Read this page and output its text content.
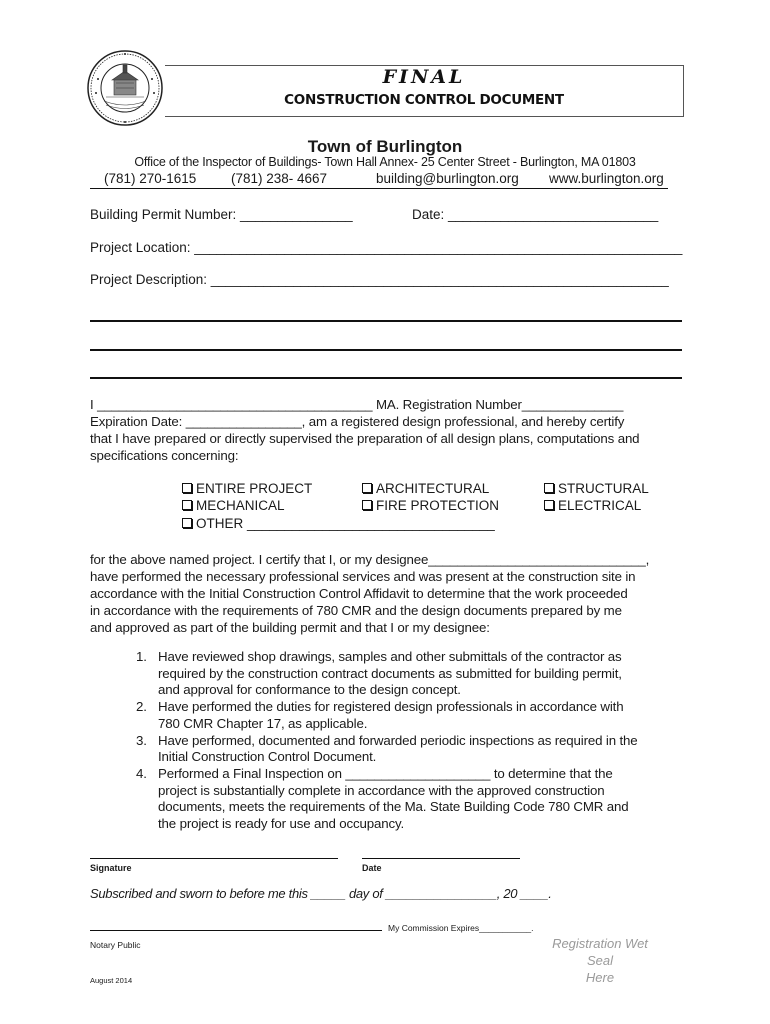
FINAL
CONSTRUCTION CONTROL DOCUMENT
Town of Burlington
Office of the Inspector of Buildings- Town Hall Annex- 25 Center Street - Burlington, MA 01803
(781) 270-1615	(781) 238- 4667	building@burlington.org www.burlington.org
Building Permit Number: _______________	Date: ____________________________
Project Location: _________________________________________________________________
Project Description: _____________________________________________________________
I ______________________________________ MA. Registration Number______________
Expiration Date: ________________, am a registered design professional, and hereby certify
that I have prepared or directly supervised the preparation of all design plans, computations and
specifications concerning:
ENTIRE PROJECT	ARCHITECTURAL	STRUCTURAL
MECHANICAL	FIRE PROTECTION	ELECTRICAL
OTHER _________________________________
for the above named project. I certify that I, or my designee______________________________,
have performed the necessary professional services and was present at the construction site in
accordance with the Initial Construction Control Affidavit to determine that the work proceeded
in accordance with the requirements of 780 CMR and the design documents prepared by me
and approved as part of the building permit and that I or my designee:
1. Have reviewed shop drawings, samples and other submittals of the contractor as
required by the construction contract documents as submitted for building permit,
and approval for conformance to the design concept.
2. Have performed the duties for registered design professionals in accordance with
780 CMR Chapter 17, as applicable.
3. Have performed, documented and forwarded periodic inspections as required in the
Initial Construction Control Document.
4. Performed a Final Inspection on ____________________ to determine that the
project is substantially complete in accordance with the approved construction
documents, meets the requirements of the Ma. State Building Code 780 CMR and
the project is ready for use and occupancy.
Signature	Date
Subscribed and sworn to before me this _____ day of ________________, 20 ____.
My Commission Expires___________.
Notary Public	Registration Wet Seal
Here
August 2014
